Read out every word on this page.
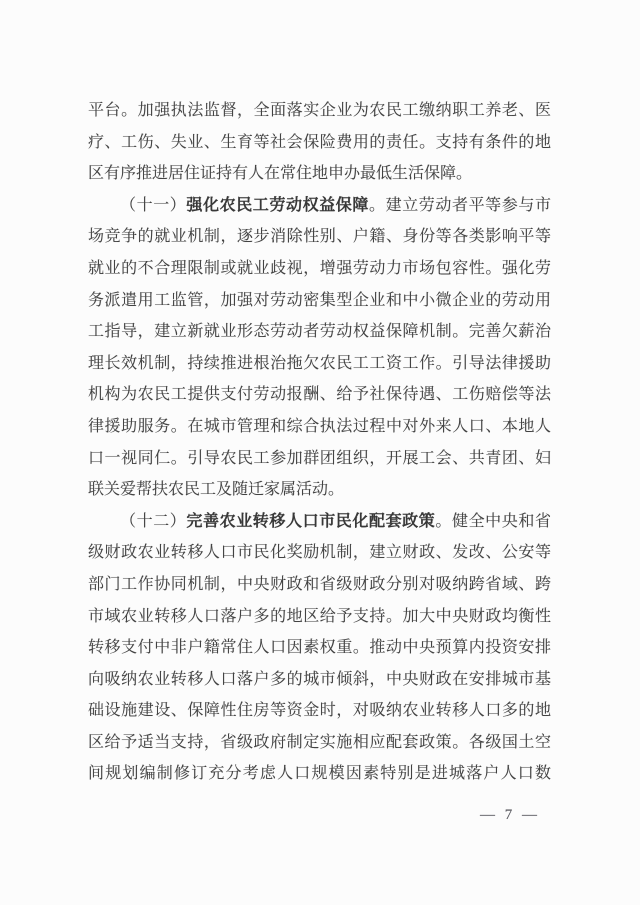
平台。加强执法监督，全面落实企业为农民工缴纳职工养老、医
疗、工伤、失业、生育等社会保险费用的责任。支持有条件的地
区有序推进居住证持有人在常住地申办最低生活保障。
（十一）强化农民工劳动权益保障。建立劳动者平等参与市
场竞争的就业机制，逐步消除性别、户籍、身份等各类影响平等
就业的不合理限制或就业歧视，增强劳动力市场包容性。强化劳
务派遣用工监管，加强对劳动密集型企业和中小微企业的劳动用
工指导，建立新就业形态劳动者劳动权益保障机制。完善欠薪治
理长效机制，持续推进根治拖欠农民工工资工作。引导法律援助
机构为农民工提供支付劳动报酬、给予社保待遇、工伤赔偿等法
律援助服务。在城市管理和综合执法过程中对外来人口、本地人
口一视同仁。引导农民工参加群团组织，开展工会、共青团、妇
联关爱帮扶农民工及随迁家属活动。
（十二）完善农业转移人口市民化配套政策。健全中央和省
级财政农业转移人口市民化奖励机制，建立财政、发改、公安等
部门工作协同机制，中央财政和省级财政分别对吸纳跨省域、跨
市域农业转移人口落户多的地区给予支持。加大中央财政均衡性
转移支付中非户籍常住人口因素权重。推动中央预算内投资安排
向吸纳农业转移人口落户多的城市倾斜，中央财政在安排城市基
础设施建设、保障性住房等资金时，对吸纳农业转移人口多的地
区给予适当支持，省级政府制定实施相应配套政策。各级国土空
间规划编制修订充分考虑人口规模因素特别是进城落户人口数
— 7 —
